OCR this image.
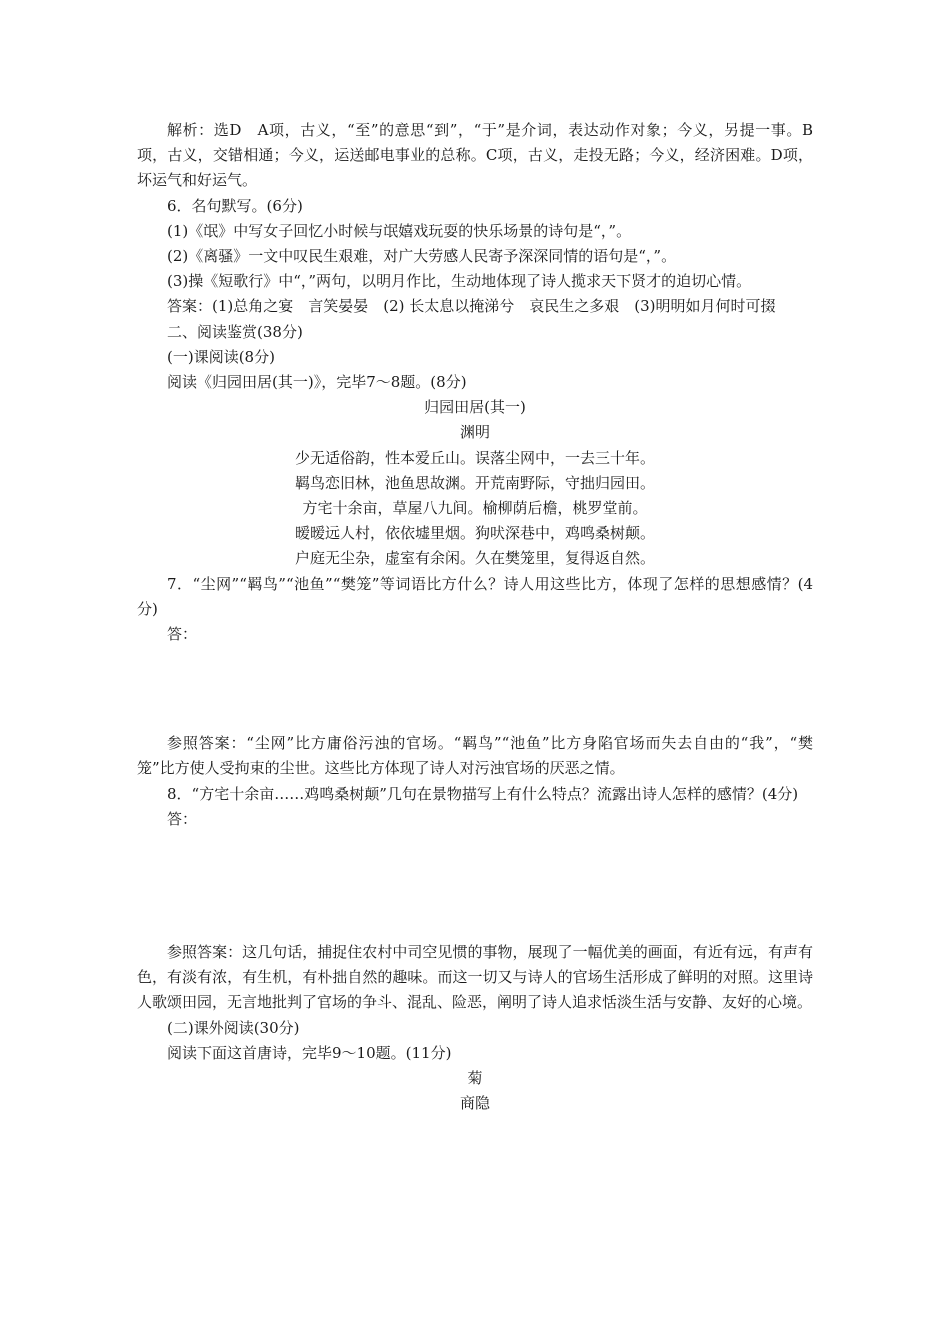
解析：选D　A项，古义，“至”的意思“到”，“于”是介词，表达动作对象；今义，另提一事。B项，古义，交错相通；今义，运送邮电事业的总称。C项，古义，走投无路；今义，经济困难。D项，坏运气和好运气。

6．名句默写。(6分)

(1)《氓》中写女子回忆小时候与氓嬉戏玩耍的快乐场景的诗句是“，”。

(2)《离骚》一文中叹民生艰难，对广大劳感人民寄予深深同情的语句是“，”。

(3)操《短歌行》中“，”两句，以明月作比，生动地体现了诗人揽求天下贤才的迫切心情。

答案：(1)总角之宴　言笑晏晏　(2) 长太息以掩涕兮　哀民生之多艰　(3)明明如月何时可掇

二、阅读鉴赏(38分)

(一)课阅读(8分)

阅读《归园田居(其一)》，完毕7～8题。(8分)

归园田居(其一)

渊明

少无适俗韵，性本爱丘山。误落尘网中，一去三十年。

羁鸟恋旧林，池鱼思故渊。开荒南野际，守拙归园田。

方宅十余亩，草屋八九间。榆柳荫后檐，桃罗堂前。

暧暧远人村，依依墟里烟。狗吠深巷中，鸡鸣桑树颠。

户庭无尘杂，虚室有余闲。久在樊笼里，复得返自然。

7．“尘网”“羁鸟”“池鱼”“樊笼”等词语比方什么？诗人用这些比方，体现了怎样的思想感情？(4分)

答：

参照答案：“尘网”比方庸俗污浊的官场。“羁鸟”“池鱼”比方身陷官场而失去自由的“我”，“樊笼”比方使人受拘束的尘世。这些比方体现了诗人对污浊官场的厌恶之情。

8．“方宅十余亩……鸡鸣桑树颠”几句在景物描写上有什么特点？流露出诗人怎样的感情？(4分)

答：

参照答案：这几句话，捕捉住农村中司空见惯的事物，展现了一幅优美的画面，有近有远，有声有色，有淡有浓，有生机，有朴拙自然的趣味。而这一切又与诗人的官场生活形成了鲜明的对照。这里诗人歌颂田园，无言地批判了官场的争斗、混乱、险恶，阐明了诗人追求恬淡生活与安静、友好的心境。

(二)课外阅读(30分)

阅读下面这首唐诗，完毕9～10题。(11分)

菊

商隐
